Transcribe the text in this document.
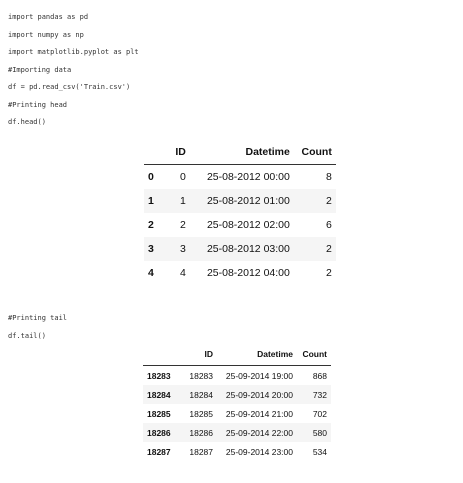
import pandas as pd
import numpy as np
import matplotlib.pyplot as plt
#Importing data
df = pd.read_csv('Train.csv')
#Printing head
df.head()
	ID	Datetime	Count
0	0	25-08-2012 00:00	8
1	1	25-08-2012 01:00	2
2	2	25-08-2012 02:00	6
3	3	25-08-2012 03:00	2
4	4	25-08-2012 04:00	2
#Printing tail
df.tail()
	ID	Datetime	Count
18283	18283	25-09-2014 19:00	868
18284	18284	25-09-2014 20:00	732
18285	18285	25-09-2014 21:00	702
18286	18286	25-09-2014 22:00	580
18287	18287	25-09-2014 23:00	534
